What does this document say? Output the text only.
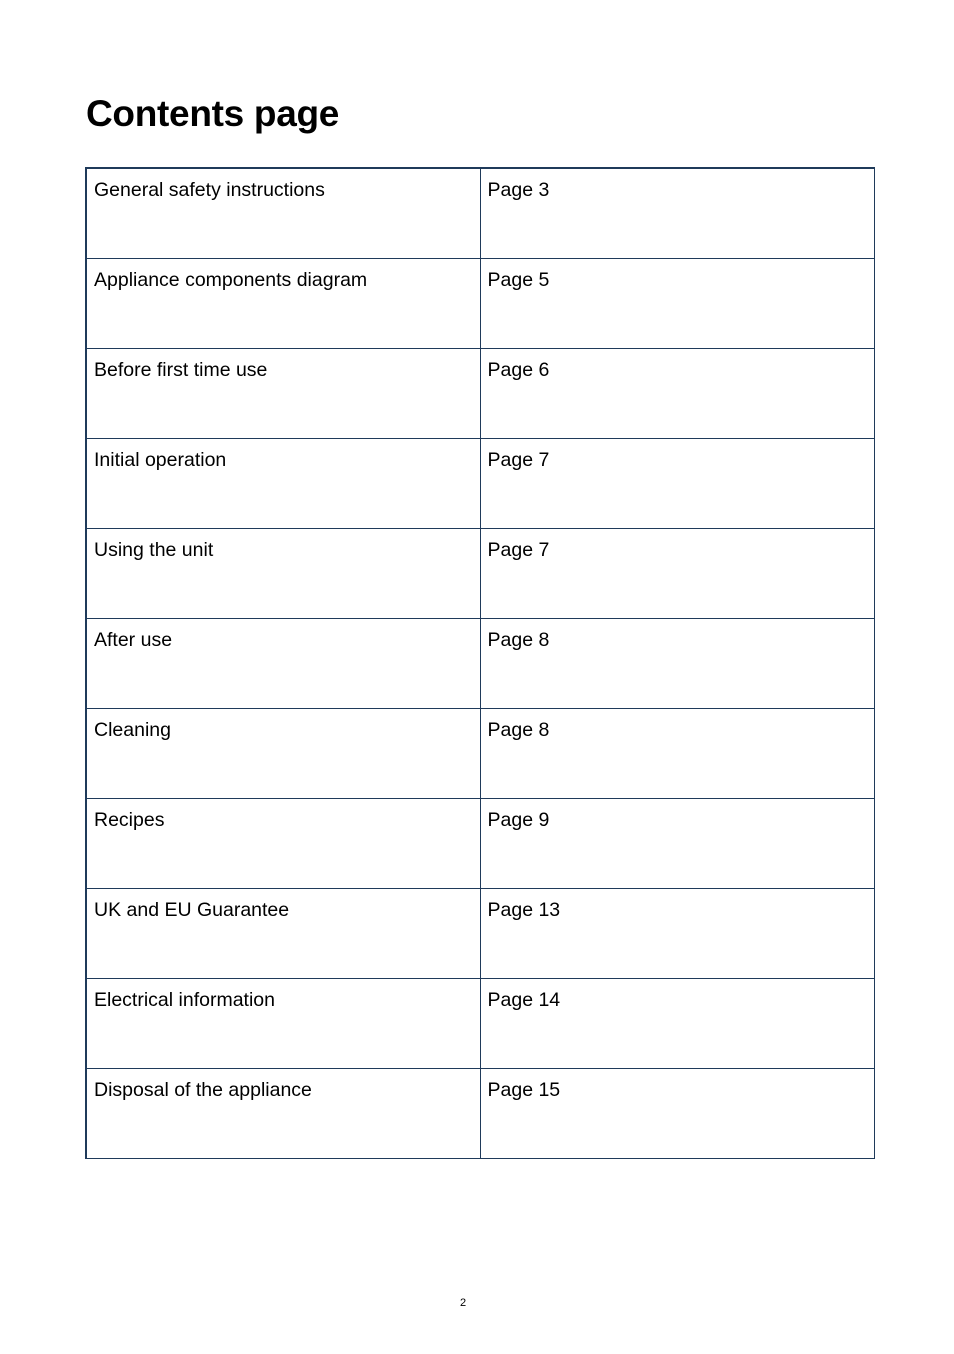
Contents page
General safety instructions	Page 3
Appliance components diagram	Page 5
Before first time use	Page 6
Initial operation	Page 7
Using the unit	Page 7
After use	Page 8
Cleaning	Page 8
Recipes	Page 9
UK and EU Guarantee	Page 13
Electrical information	Page 14
Disposal of the appliance	Page 15
2
